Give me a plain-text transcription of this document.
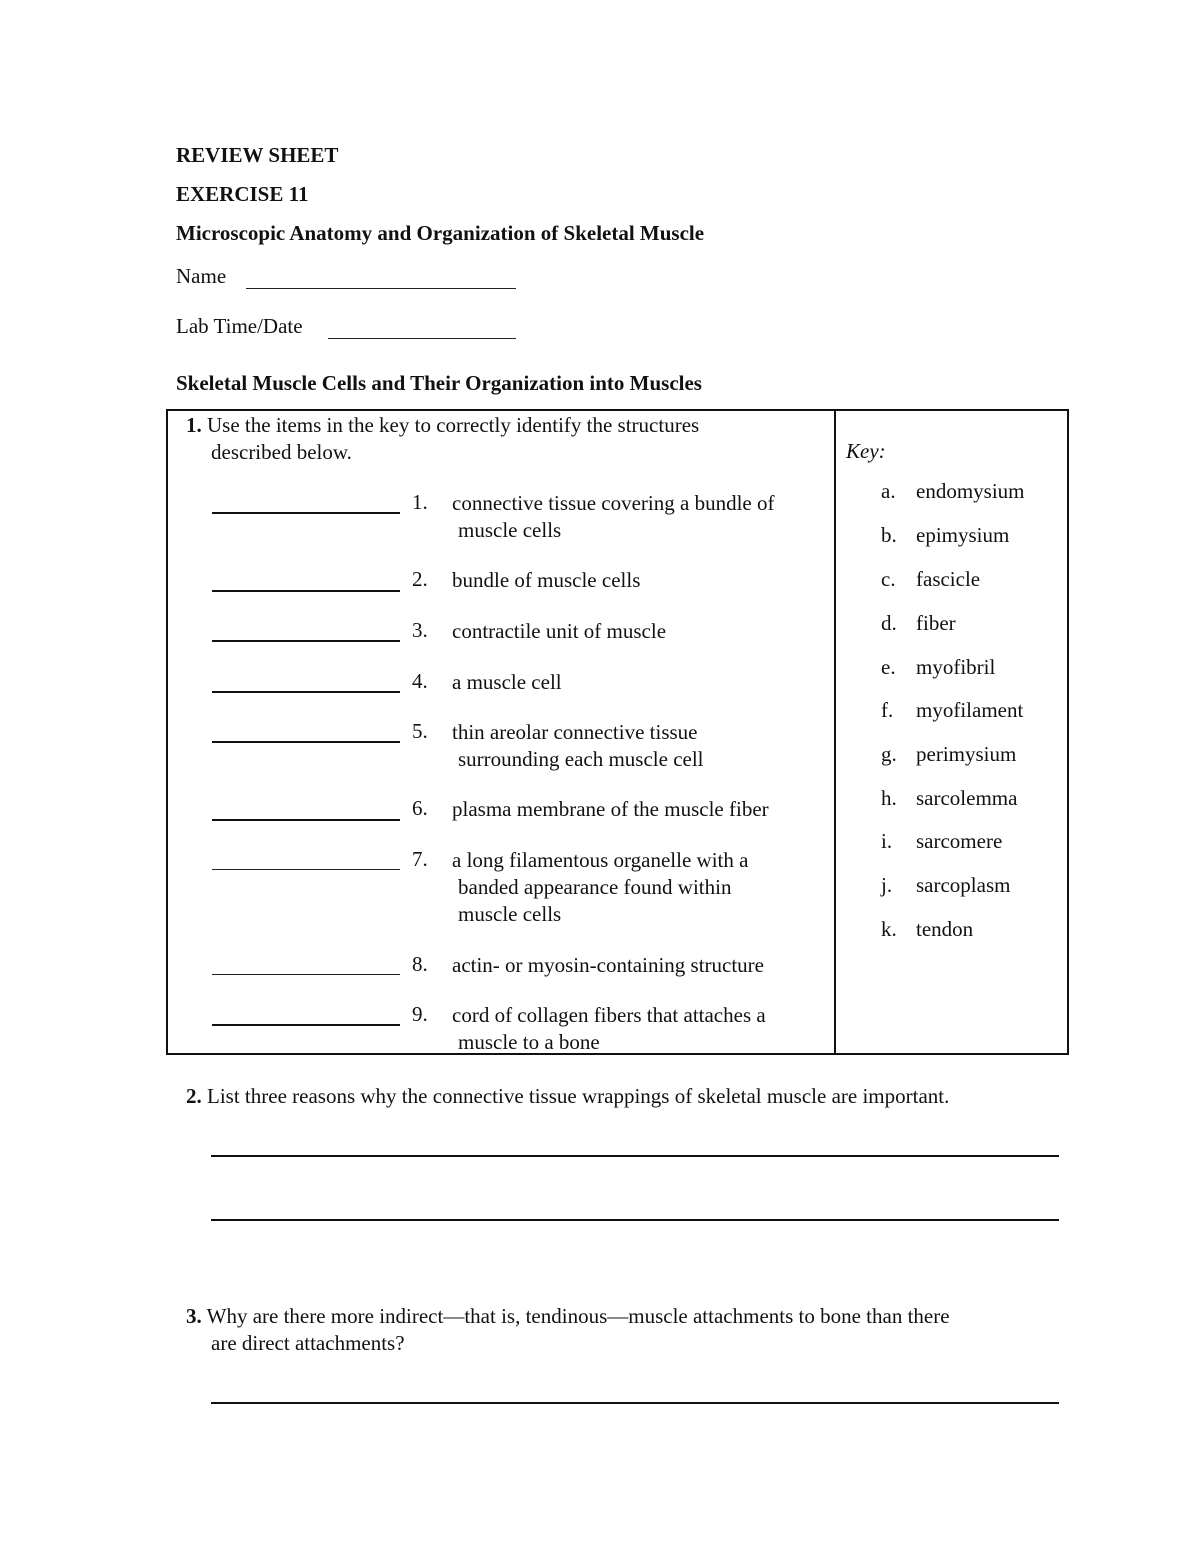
REVIEW SHEET
EXERCISE 11
Microscopic Anatomy and Organization of Skeletal Muscle
Name
Lab Time/Date
Skeletal Muscle Cells and Their Organization into Muscles
1. Use the items in the key to correctly identify the structures
described below.
1. connective tissue covering a bundle of
muscle cells
2. bundle of muscle cells
3. contractile unit of muscle
4. a muscle cell
5. thin areolar connective tissue
surrounding each muscle cell
6. plasma membrane of the muscle fiber
7. a long filamentous organelle with a
banded appearance found within
muscle cells
8. actin- or myosin-containing structure
9. cord of collagen fibers that attaches a
muscle to a bone
Key:
a. endomysium
b. epimysium
c. fascicle
d. fiber
e. myofibril
f.	myofilament
g. perimysium
h. sarcolemma
i.	sarcomere
j.	sarcoplasm
k. tendon
2. List three reasons why the connective tissue wrappings of skeletal muscle are important.
3. Why are there more indirect—that is, tendinous—muscle attachments to bone than there
are direct attachments?
